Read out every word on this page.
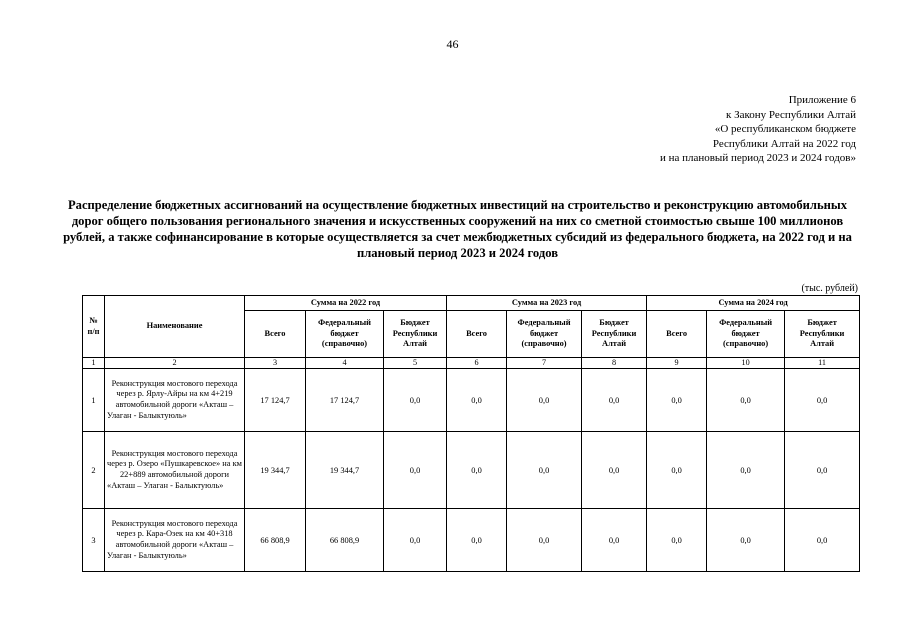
46
Приложение 6
к Закону Республики Алтай
«О республиканском бюджете
Республики Алтай на 2022 год
и на плановый период 2023 и 2024 годов»
Распределение бюджетных ассигнований на осуществление бюджетных инвестиций на строительство и реконструкцию автомобильных дорог общего пользования регионального значения и искусственных сооружений на них со сметной стоимостью свыше 100 миллионов рублей, а также софинансирование в которые осуществляется за счет межбюджетных субсидий из федерального бюджета, на 2022 год и на плановый период 2023 и 2024 годов
(тыс. рублей)
№ п/п	Наименование	Сумма на 2022 год			Сумма на 2023 год			Сумма на 2024 год		
		Всего	Федеральный бюджет (справочно)	Бюджет Республики Алтай	Всего	Федеральный бюджет (справочно)	Бюджет Республики Алтай	Всего	Федеральный бюджет (справочно)	Бюджет Республики Алтай
1	2	3	4	5	6	7	8	9	10	11
1	Реконструкция мостового перехода через р. Ярлу-Айры на км 4+219 автомобильной дороги «Акташ – Улаган - Балыктуюль»	17 124,7	17 124,7	0,0	0,0	0,0	0,0	0,0	0,0	0,0
2	Реконструкция мостового перехода через р. Озеро «Пушкаревское» на км 22+889 автомобильной дороги «Акташ – Улаган - Балыктуюль»	19 344,7	19 344,7	0,0	0,0	0,0	0,0	0,0	0,0	0,0
3	Реконструкция мостового перехода через р. Кара-Озек на км 40+318 автомобильной дороги «Акташ – Улаган - Балыктуюль»	66 808,9	66 808,9	0,0	0,0	0,0	0,0	0,0	0,0	0,0
